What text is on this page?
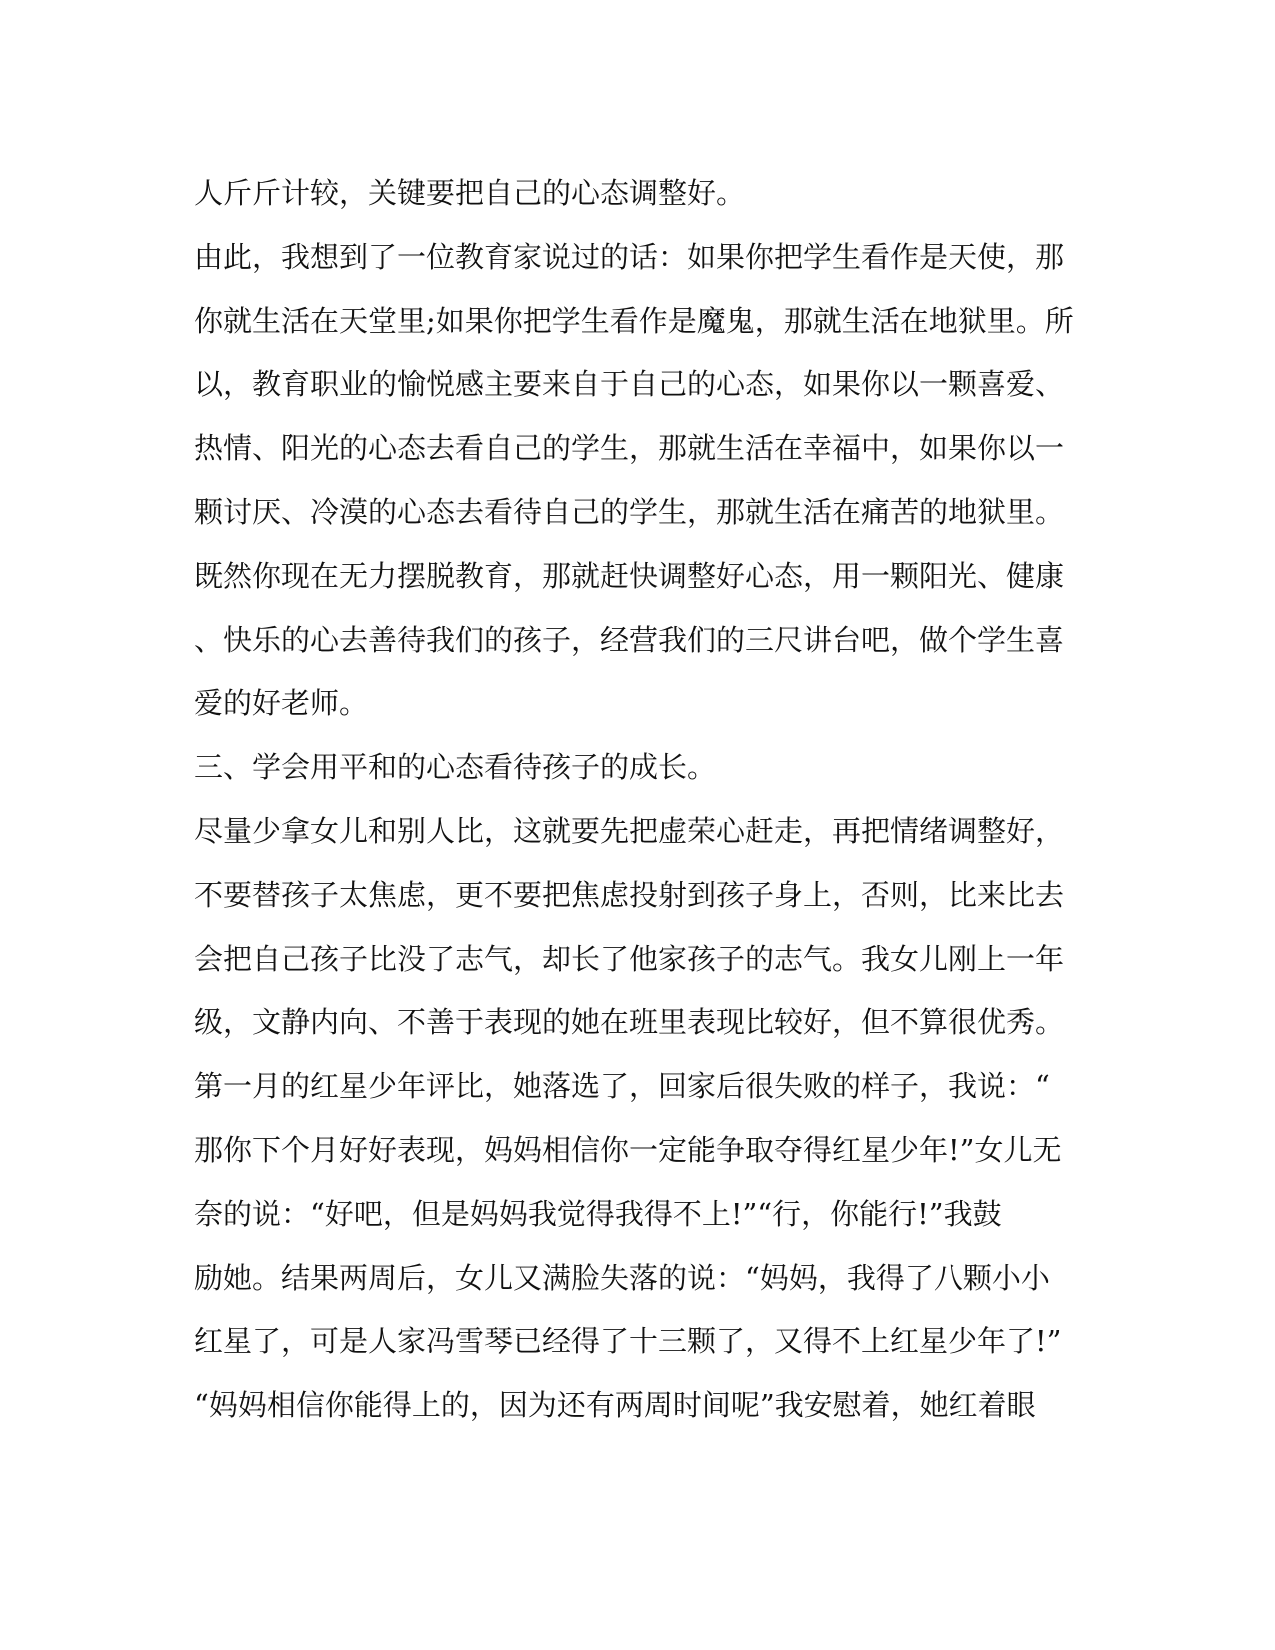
人斤斤计较，关键要把自己的心态调整好。
由此，我想到了一位教育家说过的话：如果你把学生看作是天使，那
你就生活在天堂里;如果你把学生看作是魔鬼，那就生活在地狱里。所
以，教育职业的愉悦感主要来自于自己的心态，如果你以一颗喜爱、
热情、阳光的心态去看自己的学生，那就生活在幸福中，如果你以一
颗讨厌、冷漠的心态去看待自己的学生，那就生活在痛苦的地狱里。
既然你现在无力摆脱教育，那就赶快调整好心态，用一颗阳光、健康
、快乐的心去善待我们的孩子，经营我们的三尺讲台吧，做个学生喜
爱的好老师。
三、学会用平和的心态看待孩子的成长。
尽量少拿女儿和别人比，这就要先把虚荣心赶走，再把情绪调整好，
不要替孩子太焦虑，更不要把焦虑投射到孩子身上，否则，比来比去
会把自己孩子比没了志气，却长了他家孩子的志气。我女儿刚上一年
级，文静内向、不善于表现的她在班里表现比较好，但不算很优秀。
第一月的红星少年评比，她落选了，回家后很失败的样子，我说：“
那你下个月好好表现，妈妈相信你一定能争取夺得红星少年!”女儿无
奈的说：“好吧，但是妈妈我觉得我得不上!”“行，你能行!”我鼓
励她。结果两周后，女儿又满脸失落的说：“妈妈，我得了八颗小小
红星了，可是人家冯雪琴已经得了十三颗了，又得不上红星少年了!”
“妈妈相信你能得上的，因为还有两周时间呢”我安慰着，她红着眼
